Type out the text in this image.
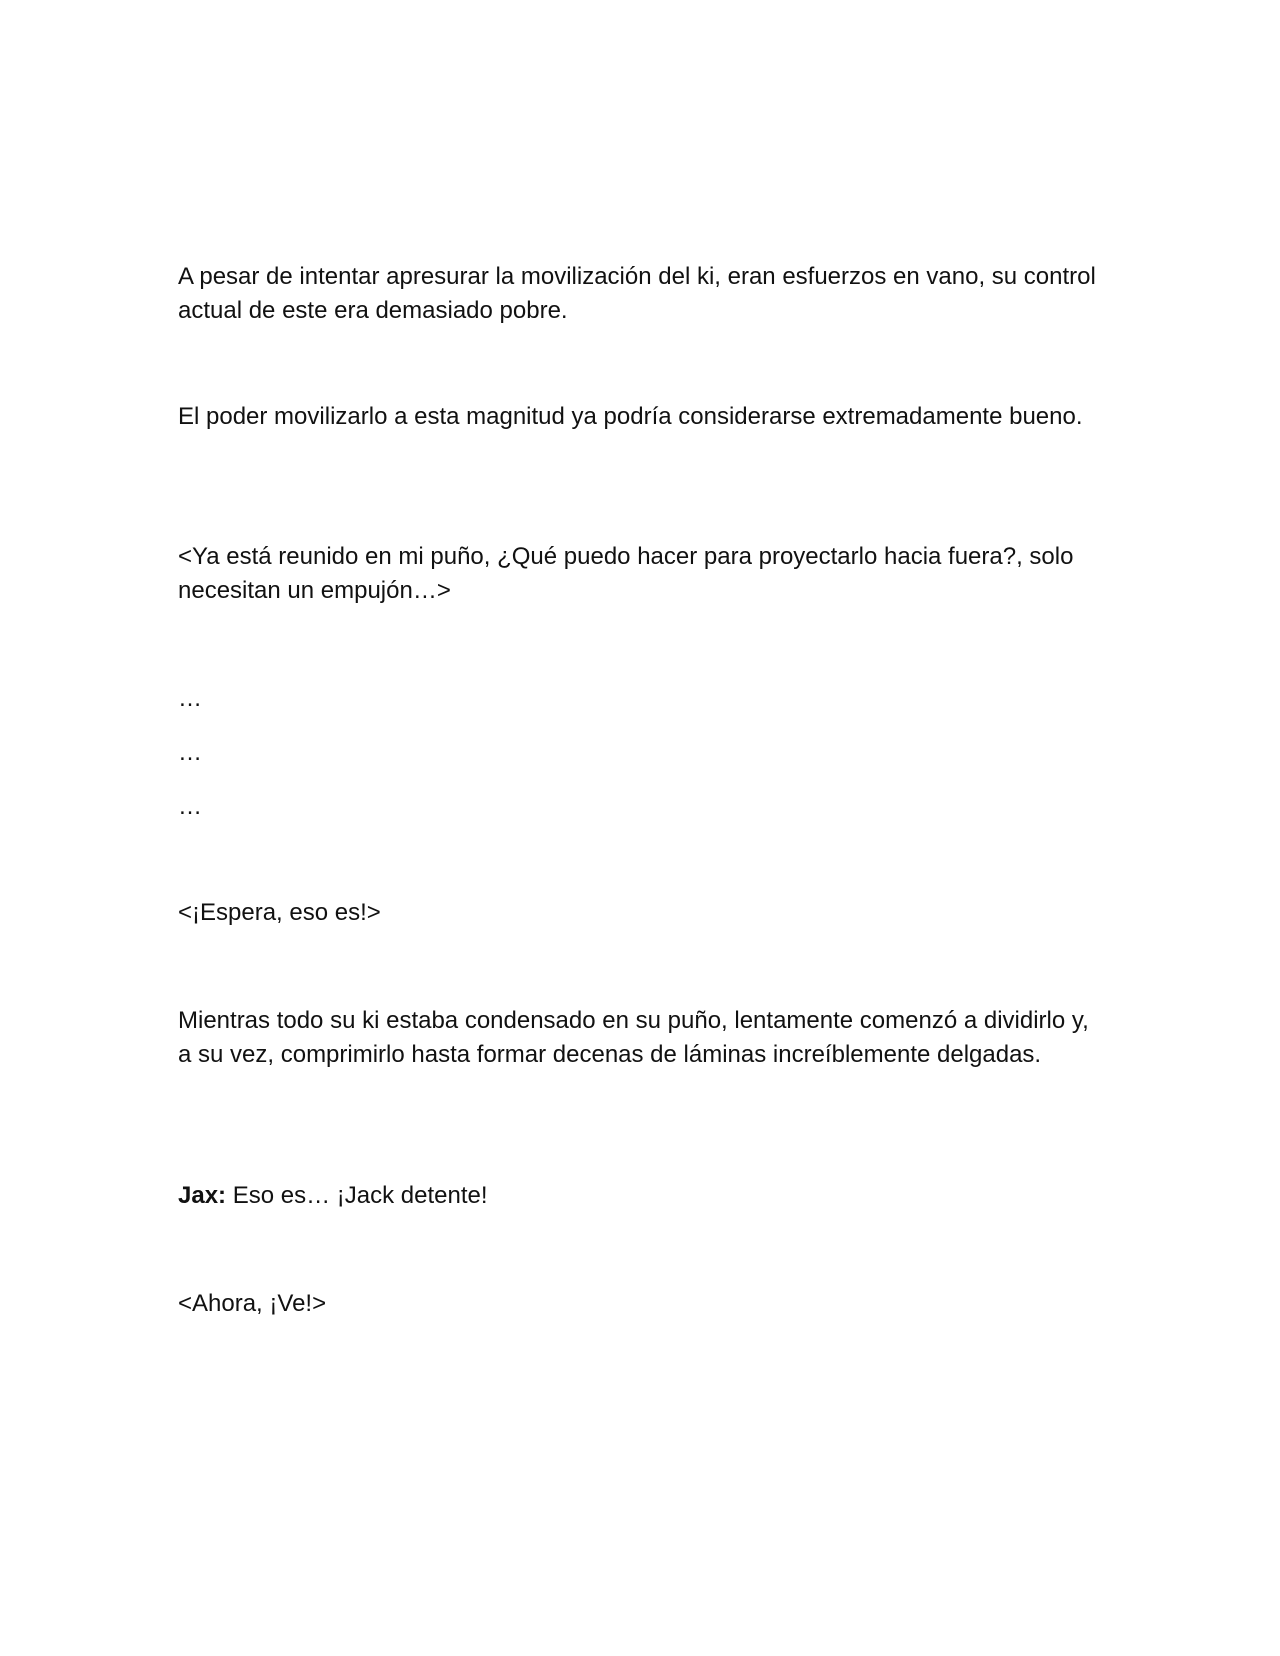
A pesar de intentar apresurar la movilización del ki, eran esfuerzos en vano, su control actual de este era demasiado pobre.

El poder movilizarlo a esta magnitud ya podría considerarse extremadamente bueno.

<Ya está reunido en mi puño, ¿Qué puedo hacer para proyectarlo hacia fuera?, solo necesitan un empujón…>

…

…

…

<¡Espera, eso es!>

Mientras todo su ki estaba condensado en su puño, lentamente comenzó a dividirlo y, a su vez, comprimirlo hasta formar decenas de láminas increíblemente delgadas.

Jax: Eso es… ¡Jack detente!

<Ahora, ¡Ve!>
